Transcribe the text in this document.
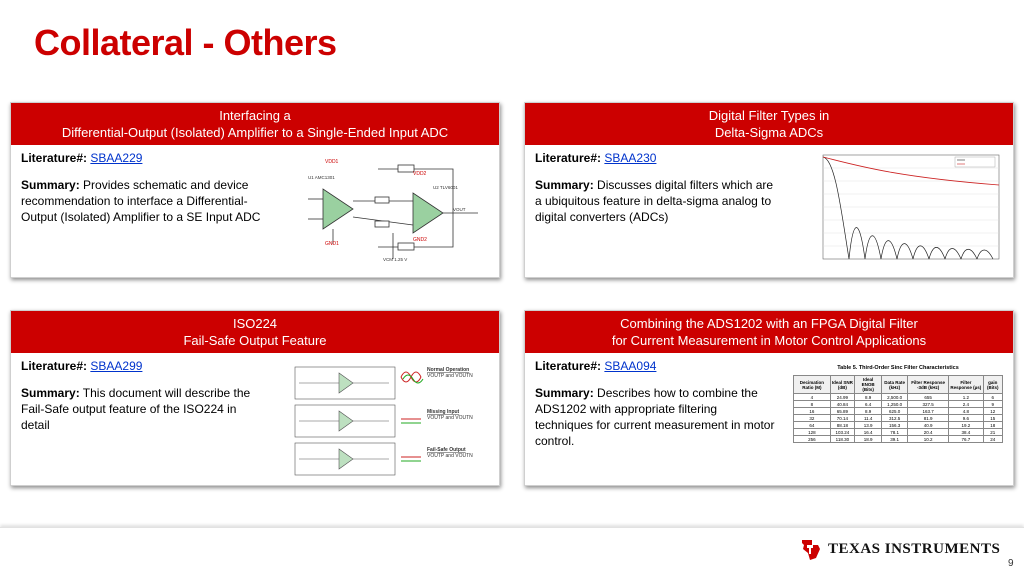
Collateral - Others
Interfacing a
Differential-Output (Isolated) Amplifier to a Single-Ended Input ADC
Literature#: SBAA229
Summary: Provides schematic and device recommendation to interface a Differential-Output (Isolated) Amplifier to a SE Input ADC
VDD1
VDD2
GND1
GND2
U1 AMC1301
U2 TLV6001
VOUT
VCM 1.25 V
Digital Filter Types in
Delta-Sigma ADCs
Literature#: SBAA230
Summary: Discusses digital filters which are a ubiquitous feature in delta-sigma analog to digital converters (ADCs)
ISO224
Fail-Safe Output Feature
Literature#: SBAA299
Summary: This document will describe the Fail-Safe output feature of the ISO224 in detail
Normal Operation
VOUTP and VOUTN
Missing Input
VOUTP and VOUTN
Fail-Safe Output
VOUTP and VOUTN
Combining the ADS1202 with an FPGA Digital Filter
for Current Measurement in Motor Control Applications
Literature#: SBAA094
Summary: Describes how to combine the ADS1202 with appropriate filtering techniques for current measurement in motor control.
Table 5. Third-Order Sinc Filter Characteristics
Decimation Ratio (M)	Ideal SNR (dB)	Ideal ENOB (Bits)	Data Rate (kHz)	Filter Response -3dB (kHz)	Filter Response (µs)	gain (Bits)
4	24.99	8.9	2,500.0	655	1.2	6
8	40.84	6.4	1,250.0	327.5	2.4	9
16	65.89	8.9	625.0	163.7	4.8	12
32	70.14	11.4	312.5	81.9	9.6	15
64	88.18	13.9	156.3	40.9	19.2	18
128	103.24	16.4	78.1	20.4	38.4	21
256	118.30	18.9	39.1	10.2	76.7	24
TEXAS INSTRUMENTS
9
